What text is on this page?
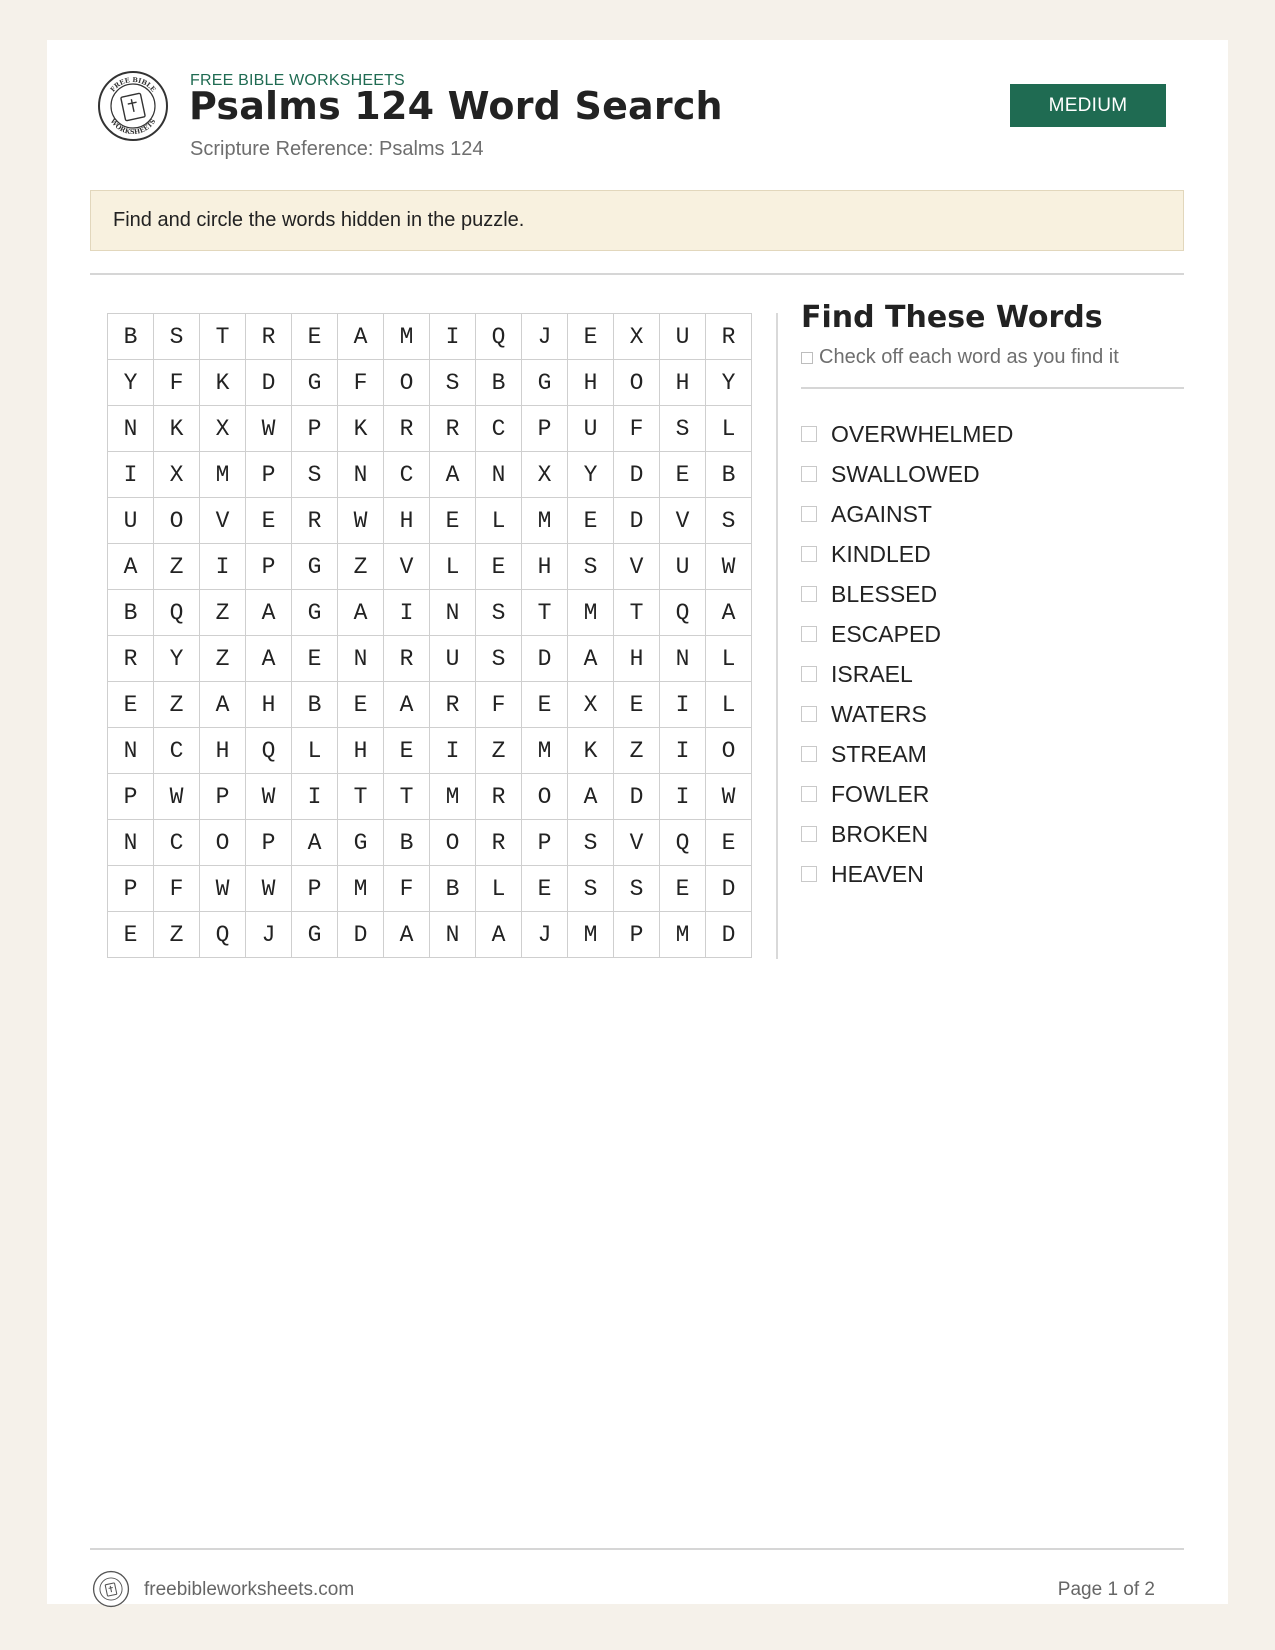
FREE BIBLE
WORKSHEETS
FREE BIBLE WORKSHEETS
Psalms 124 Word Search
Scripture Reference: Psalms 124
MEDIUM
Find and circle the words hidden in the puzzle.
B	S	T	R	E	A	M	I	Q	J	E	X	U	R
Y	F	K	D	G	F	O	S	B	G	H	O	H	Y
N	K	X	W	P	K	R	R	C	P	U	F	S	L
I	X	M	P	S	N	C	A	N	X	Y	D	E	B
U	O	V	E	R	W	H	E	L	M	E	D	V	S
A	Z	I	P	G	Z	V	L	E	H	S	V	U	W
B	Q	Z	A	G	A	I	N	S	T	M	T	Q	A
R	Y	Z	A	E	N	R	U	S	D	A	H	N	L
E	Z	A	H	B	E	A	R	F	E	X	E	I	L
N	C	H	Q	L	H	E	I	Z	M	K	Z	I	O
P	W	P	W	I	T	T	M	R	O	A	D	I	W
N	C	O	P	A	G	B	O	R	P	S	V	Q	E
P	F	W	W	P	M	F	B	L	E	S	S	E	D
E	Z	Q	J	G	D	A	N	A	J	M	P	M	D
Find These Words
Check off each word as you find it
OVERWHELMED
SWALLOWED
AGAINST
KINDLED
BLESSED
ESCAPED
ISRAEL
WATERS
STREAM
FOWLER
BROKEN
HEAVEN
freebibleworksheets.com	Page 1 of 2
